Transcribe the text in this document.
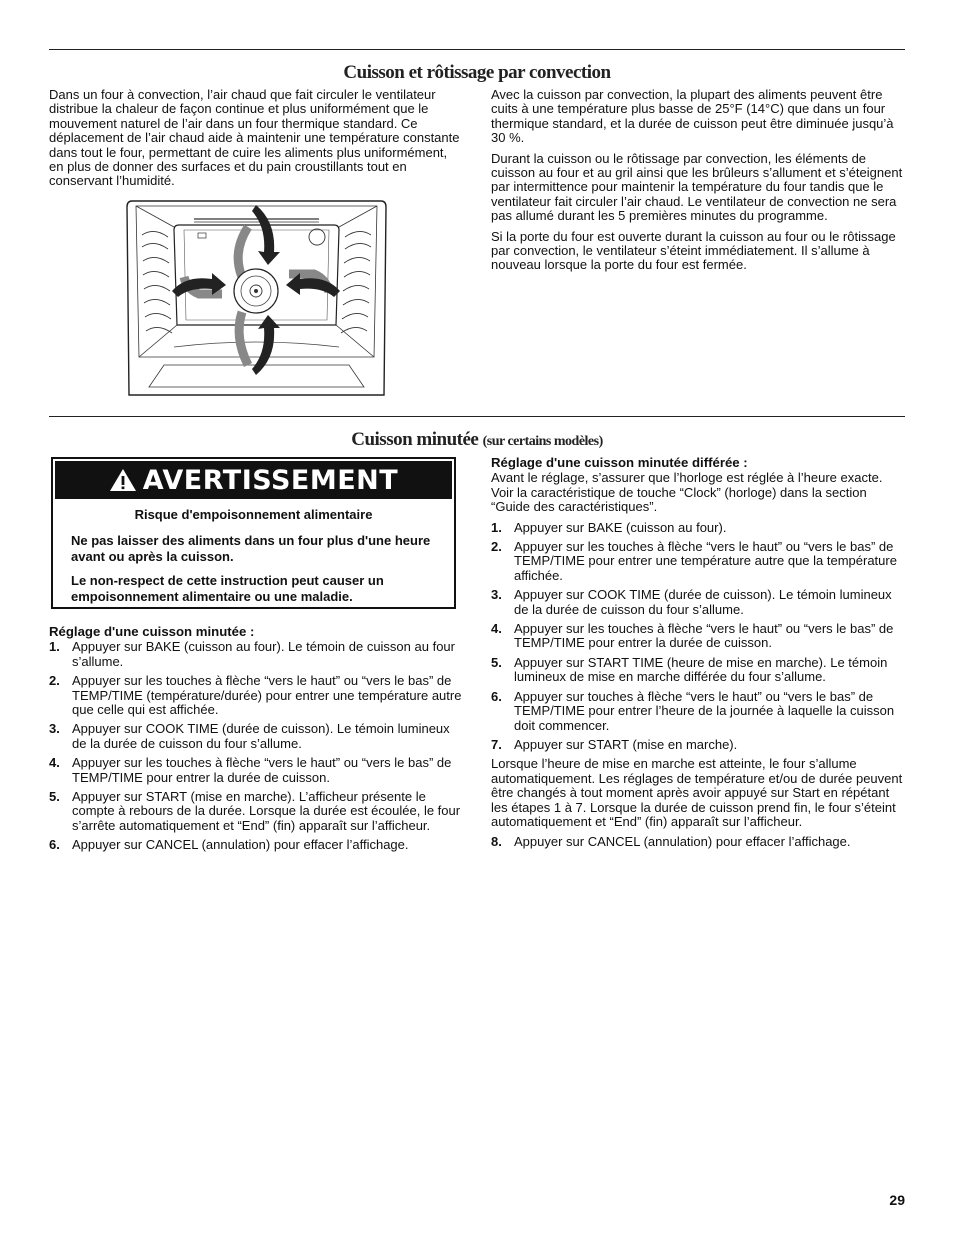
Cuisson et rôtissage par convection

Dans un four à convection, l’air chaud que fait circuler le ventilateur distribue la chaleur de façon continue et plus uniformément que le mouvement naturel de l’air dans un four thermique standard. Ce déplacement de l’air chaud aide à maintenir une température constante dans tout le four, permettant de cuire les aliments plus uniformément, en plus de donner des surfaces et du pain croustillants tout en conservant l’humidité.

Avec la cuisson par convection, la plupart des aliments peuvent être cuits à une température plus basse de 25°F (14°C) que dans un four thermique standard, et la durée de cuisson peut être diminuée jusqu’à 30 %.

Durant la cuisson ou le rôtissage par convection, les éléments de cuisson au four et au gril ainsi que les brûleurs s’allument et s’éteignent par intermittence pour maintenir la température du four tandis que le ventilateur fait circuler l’air chaud. Le ventilateur de convection ne sera pas allumé durant les 5 premières minutes du programme.

Si la porte du four est ouverte durant la cuisson au four ou le rôtissage par convection, le ventilateur s’éteint immédiatement. Il s’allume à nouveau lorsque la porte du four est fermée.

Cuisson minutée (sur certains modèles)
AVERTISSEMENT

Risque d'empoisonnement alimentaire

Ne pas laisser des aliments dans un four plus d'une heure avant ou après la cuisson.

Le non-respect de cette instruction peut causer un empoisonnement alimentaire ou une maladie.

Réglage d'une cuisson minutée :
1. Appuyer sur BAKE (cuisson au four). Le témoin de cuisson au four s’allume.
2. Appuyer sur les touches à flèche “vers le haut” ou “vers le bas” de TEMP/TIME (température/durée) pour entrer une température autre que celle qui est affichée.
3. Appuyer sur COOK TIME (durée de cuisson). Le témoin lumineux de la durée de cuisson du four s’allume.
4. Appuyer sur les touches à flèche “vers le haut” ou “vers le bas” de TEMP/TIME pour entrer la durée de cuisson.
5. Appuyer sur START (mise en marche). L’afficheur présente le compte à rebours de la durée. Lorsque la durée est écoulée, le four s’arrête automatiquement et “End” (fin) apparaît sur l’afficheur.
6. Appuyer sur CANCEL (annulation) pour effacer l’affichage.
Réglage d'une cuisson minutée différée :

Avant le réglage, s’assurer que l’horloge est réglée à l’heure exacte. Voir la caractéristique de touche “Clock” (horloge) dans la section “Guide des caractéristiques”.

1. Appuyer sur BAKE (cuisson au four).
2. Appuyer sur les touches à flèche “vers le haut” ou “vers le bas” de TEMP/TIME pour entrer une température autre que la température affichée.
3. Appuyer sur COOK TIME (durée de cuisson). Le témoin lumineux de la durée de cuisson du four s’allume.
4. Appuyer sur les touches à flèche “vers le haut” ou “vers le bas” de TEMP/TIME pour entrer la durée de cuisson.
5. Appuyer sur START TIME (heure de mise en marche). Le témoin lumineux de mise en marche différée du four s’allume.
6. Appuyer sur touches à flèche “vers le haut” ou “vers le bas” de TEMP/TIME pour entrer l’heure de la journée à laquelle la cuisson doit commencer.
7. Appuyer sur START (mise en marche).

Lorsque l’heure de mise en marche est atteinte, le four s’allume automatiquement. Les réglages de température et/ou de durée peuvent être changés à tout moment après avoir appuyé sur Start en répétant les étapes 1 à 7. Lorsque la durée de cuisson prend fin, le four s’éteint automatiquement et “End” (fin) apparaît sur l’afficheur.

8. Appuyer sur CANCEL (annulation) pour effacer l’affichage.
29
